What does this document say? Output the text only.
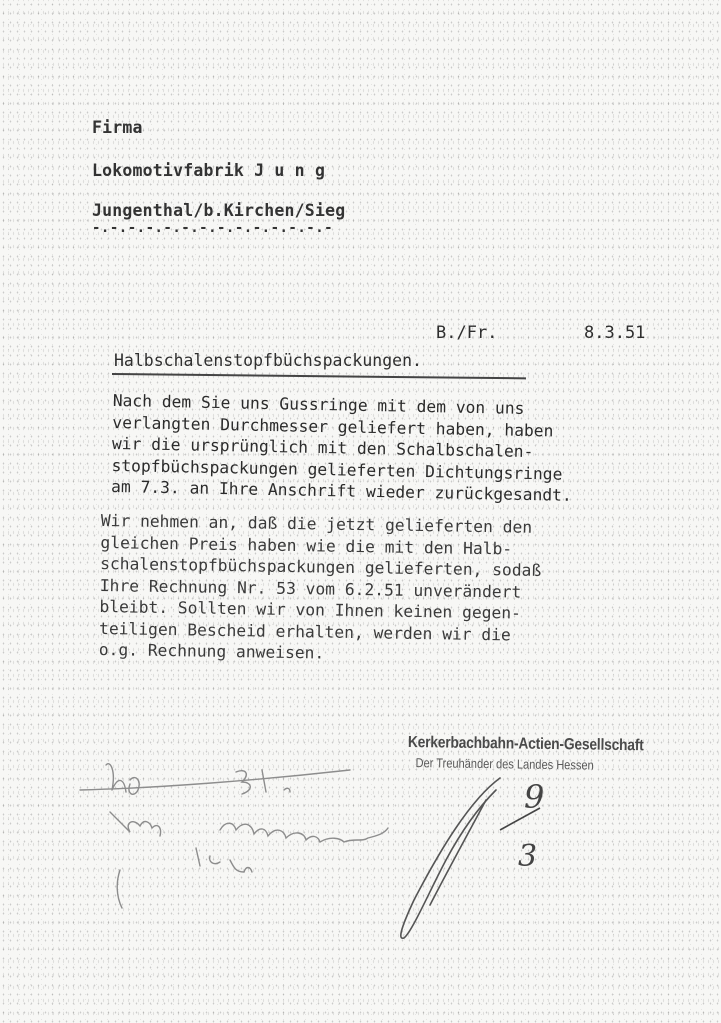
Firma
Lokomotivfabrik J u n g
Jungenthal/b.Kirchen/Sieg
-.-.-.-.-.-.-.-.-.-.-.-.-.-
B./Fr.	8.3.51
Halbschalenstopfbüchspackungen.
Nach dem Sie uns Gussringe mit dem von uns
verlangten Durchmesser geliefert haben, haben
wir die ursprünglich mit den Schalbschalen-
stopfbüchspackungen gelieferten Dichtungsringe
am 7.3. an Ihre Anschrift wieder zurückgesandt.
Wir nehmen an, daß die jetzt gelieferten den
gleichen Preis haben wie die mit den Halb-
schalenstopfbüchspackungen gelieferten, sodaß
Ihre Rechnung Nr. 53 vom 6.2.51 unverändert
bleibt. Sollten wir von Ihnen keinen gegen-
teiligen Bescheid erhalten, werden wir die
o.g. Rechnung anweisen.
Kerkerbachbahn-Actien-Gesellschaft
Der Treuhänder des Landes Hessen
9
3
